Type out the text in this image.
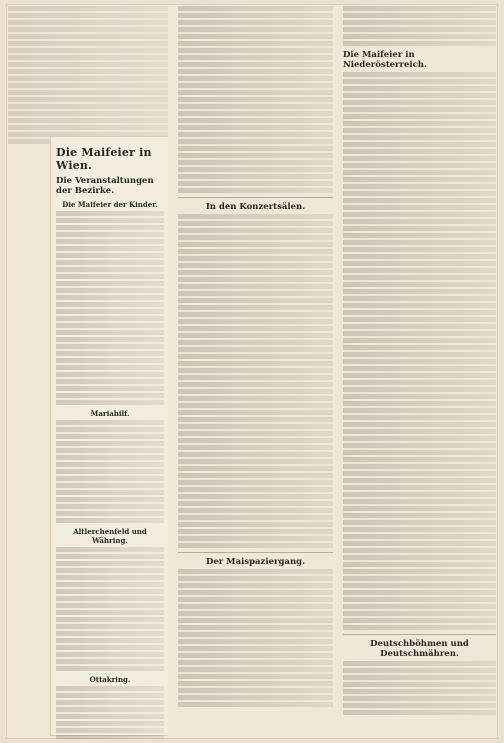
Die Maifeier in Wien.
Die Veranstaltungen der Bezirke.
Die Maifeier der Kinder.
Mariahilf.
Altlerchenfeld und Währing.
Ottakring.
In den Konzertsälen.
Der Maispaziergang.
Die Maifeier in Niederösterreich.
Deutschböhmen und Deutschmähren.
